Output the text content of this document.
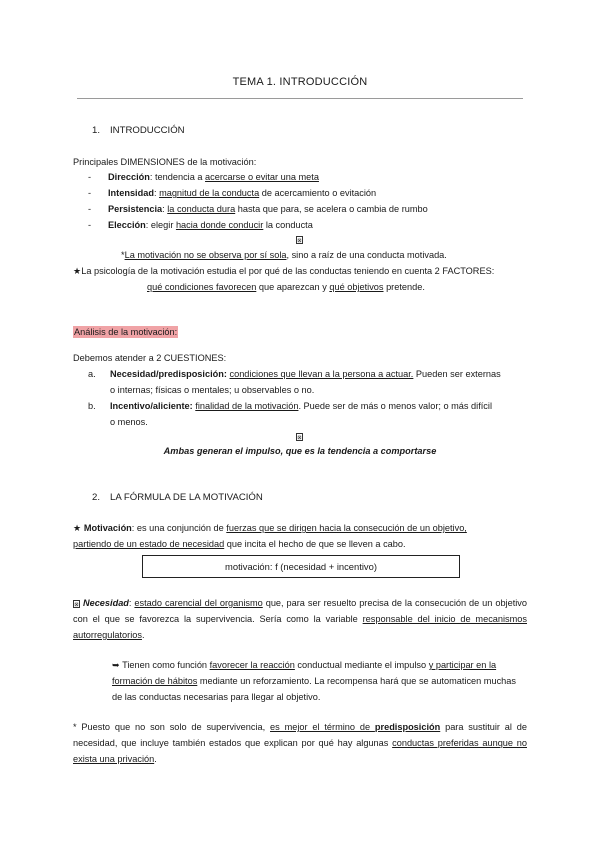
TEMA 1. INTRODUCCIÓN
1. INTRODUCCIÓN
Principales DIMENSIONES de la motivación:
- Dirección: tendencia a acercarse o evitar una meta
- Intensidad: magnitud de la conducta de acercamiento o evitación
- Persistencia: la conducta dura hasta que para, se acelera o cambia de rumbo
- Elección: elegir hacia donde conducir la conducta
⊠
*La motivación no se observa por sí sola, sino a raíz de una conducta motivada.
★La psicología de la motivación estudia el por qué de las conductas teniendo en cuenta 2 FACTORES:
qué condiciones favorecen que aparezcan y qué objetivos pretende.
Análisis de la motivación:
Debemos atender a 2 CUESTIONES:
a. Necesidad/predisposición: condiciones que llevan a la persona a actuar. Pueden ser externas
o internas; físicas o mentales; u observables o no.
b. Incentivo/aliciente: finalidad de la motivación. Puede ser de más o menos valor; o más difícil
o menos.
⊠
Ambas generan el impulso, que es la tendencia a comportarse
2. LA FÓRMULA DE LA MOTIVACIÓN
★ Motivación: es una conjunción de fuerzas que se dirigen hacia la consecución de un objetivo,
partiendo de un estado de necesidad que incita el hecho de que se lleven a cabo.
motivación: f (necesidad + incentivo)
⊠ Necesidad: estado carencial del organismo que, para ser resuelto precisa de la consecución de un objetivo con el que se favorezca la supervivencia. Sería como la variable responsable del inicio de mecanismos autorregulatorios.
➥ Tienen como función favorecer la reacción conductual mediante el impulso y participar en la formación de hábitos mediante un reforzamiento. La recompensa hará que se automaticen muchas de las conductas necesarias para llegar al objetivo.
* Puesto que no son solo de supervivencia, es mejor el término de predisposición para sustituir al de necesidad, que incluye también estados que explican por qué hay algunas conductas preferidas aunque no exista una privación.
